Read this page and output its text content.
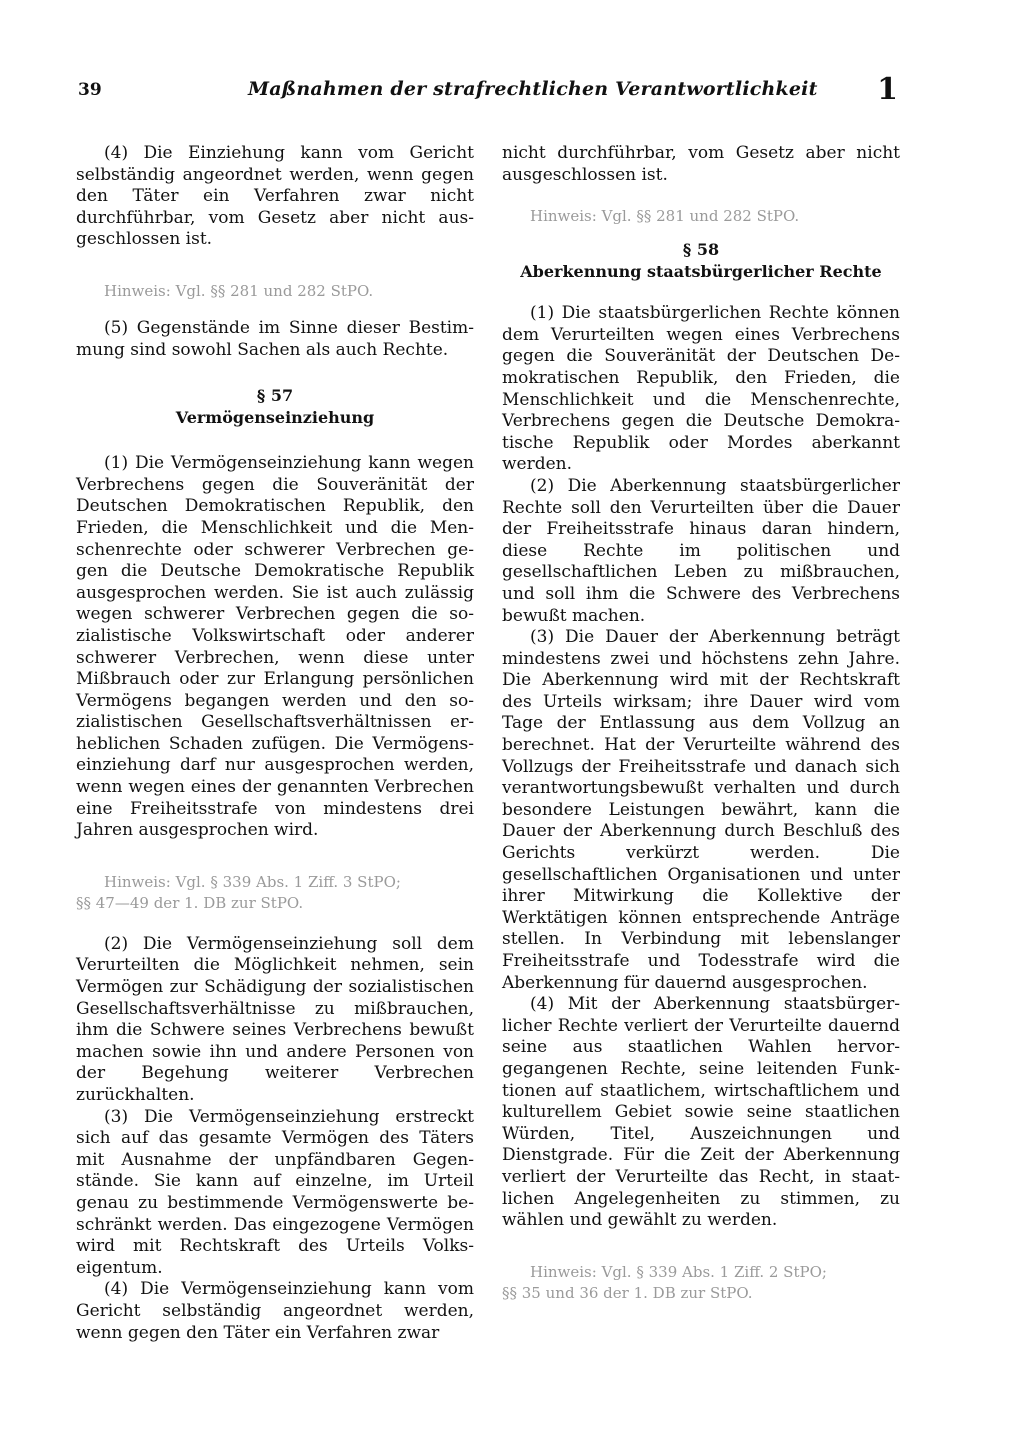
39	Maßnahmen der strafrechtlichen Verantwortlichkeit 1

(4) Die Einziehung kann vom Gericht selbständig angeordnet werden, wenn gegen den Täter ein Verfahren zwar nicht durchführbar, vom Gesetz aber nicht ausgeschlossen ist.

Hinweis: Vgl. §§ 281 und 282 StPO.

(5) Gegenstände im Sinne dieser Bestimmung sind sowohl Sachen als auch Rechte.

§ 57

Vermögenseinziehung

(1) Die Vermögenseinziehung kann wegen Verbrechens gegen die Souveränität der Deutschen Demokratischen Republik, den Frieden, die Menschlichkeit und die Menschenrechte oder schwerer Verbrechen gegen die Deutsche Demokratische Republik ausgesprochen werden. Sie ist auch zulässig wegen schwerer Verbrechen gegen die sozialistische Volkswirtschaft oder anderer schwerer Verbrechen, wenn diese unter Mißbrauch oder zur Erlangung persönlichen Vermögens begangen werden und den sozialistischen Gesellschaftsverhältnissen erheblichen Schaden zufügen. Die Vermögenseinziehung darf nur ausgesprochen werden, wenn wegen eines der genannten Verbrechen eine Freiheitsstrafe von mindestens drei Jahren ausgesprochen wird.

Hinweis: Vgl. § 339 Abs. 1 Ziff. 3 StPO;

§§ 47—49 der 1. DB zur StPO.

(2) Die Vermögenseinziehung soll dem Verurteilten die Möglichkeit nehmen, sein Vermögen zur Schädigung der sozialistischen Gesellschaftsverhältnisse zu mißbrauchen, ihm die Schwere seines Verbrechens bewußt machen sowie ihn und andere Personen von der Begehung weiterer Verbrechen zurückhalten.

(3) Die Vermögenseinziehung erstreckt sich auf das gesamte Vermögen des Täters mit Ausnahme der unpfändbaren Gegenstände. Sie kann auf einzelne, im Urteil genau zu bestimmende Vermögenswerte beschränkt werden. Das eingezogene Vermögen wird mit Rechtskraft des Urteils Volkseigentum.

(4) Die Vermögenseinziehung kann vom Gericht selbständig angeordnet werden, wenn gegen den Täter ein Verfahren zwar

nicht durchführbar, vom Gesetz aber nicht ausgeschlossen ist.

Hinweis: Vgl. §§ 281 und 282 StPO.

§ 58

Aberkennung staatsbürgerlicher Rechte

(1) Die staatsbürgerlichen Rechte können dem Verurteilten wegen eines Verbrechens gegen die Souveränität der Deutschen Demokratischen Republik, den Frieden, die Menschlichkeit und die Menschenrechte, Verbrechens gegen die Deutsche Demokratische Republik oder Mordes aberkannt werden.

(2) Die Aberkennung staatsbürgerlicher Rechte soll den Verurteilten über die Dauer der Freiheitsstrafe hinaus daran hindern, diese Rechte im politischen und gesellschaftlichen Leben zu mißbrauchen, und soll ihm die Schwere des Verbrechens bewußt machen.

(3) Die Dauer der Aberkennung beträgt mindestens zwei und höchstens zehn Jahre. Die Aberkennung wird mit der Rechtskraft des Urteils wirksam; ihre Dauer wird vom Tage der Entlassung aus dem Vollzug an berechnet. Hat der Verurteilte während des Vollzugs der Freiheitsstrafe und danach sich verantwortungsbewußt verhalten und durch besondere Leistungen bewährt, kann die Dauer der Aberkennung durch Beschluß des Gerichts verkürzt werden. Die gesellschaftlichen Organisationen und unter ihrer Mitwirkung die Kollektive der Werktätigen können entsprechende Anträge stellen. In Verbindung mit lebenslanger Freiheitsstrafe und Todesstrafe wird die Aberkennung für dauernd ausgesprochen.

(4) Mit der Aberkennung staatsbürgerlicher Rechte verliert der Verurteilte dauernd seine aus staatlichen Wahlen hervorgegangenen Rechte, seine leitenden Funktionen auf staatlichem, wirtschaftlichem und kulturellem Gebiet sowie seine staatlichen Würden, Titel, Auszeichnungen und Dienstgrade. Für die Zeit der Aberkennung verliert der Verurteilte das Recht, in staatlichen Angelegenheiten zu stimmen, zu wählen und gewählt zu werden.

Hinweis: Vgl. § 339 Abs. 1 Ziff. 2 StPO;

§§ 35 und 36 der 1. DB zur StPO.
